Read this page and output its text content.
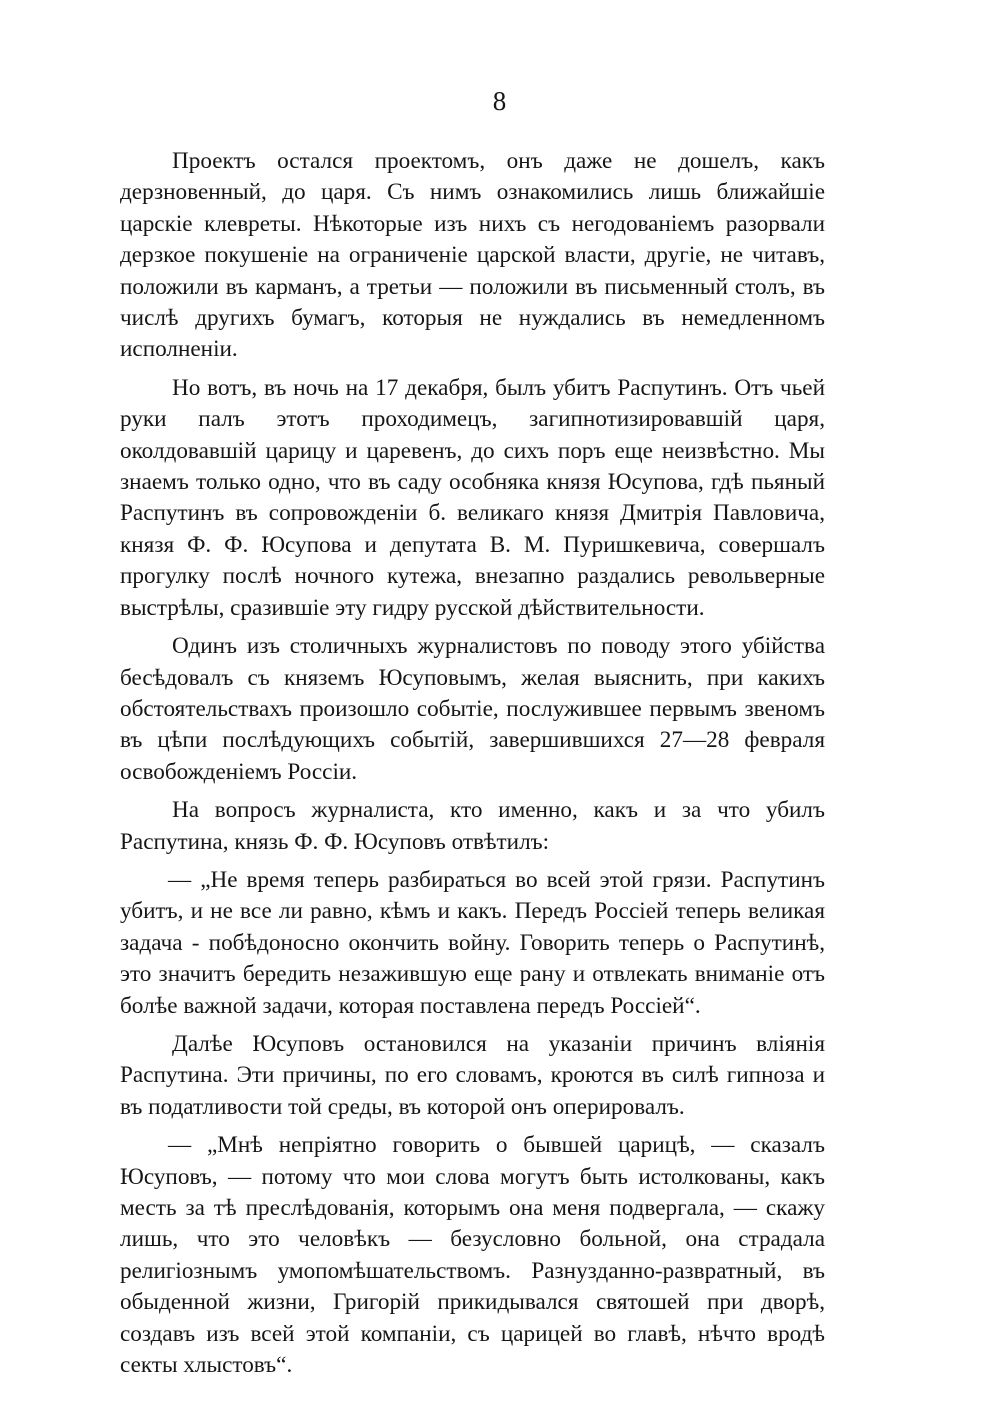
8

Проектъ остался проектомъ, онъ даже не дошелъ, какъ дерзновенный, до царя. Съ нимъ ознакомились лишь ближайшіе царскіе клевреты. Нѣкоторые изъ нихъ съ негодованіемъ разорвали дерзкое покушеніе на ограниченіе царской власти, другіе, не читавъ, положили въ карманъ, а третьи — положили въ письменный столъ, въ числѣ другихъ бумагъ, которыя не нуждались въ немедленномъ исполненіи.

Но вотъ, въ ночь на 17 декабря, былъ убитъ Распутинъ. Отъ чьей руки палъ этотъ проходимецъ, загипнотизировавшій царя, околдовавшій царицу и царевенъ, до сихъ поръ еще неизвѣстно. Мы знаемъ только одно, что въ саду особняка князя Юсупова, гдѣ пьяный Распутинъ въ сопровожденіи б. великаго князя Дмитрія Павловича, князя Ф. Ф. Юсупова и депутата В. М. Пуришкевича, совершалъ прогулку послѣ ночного кутежа, внезапно раздались револьверные выстрѣлы, сразившіе эту гидру русской дѣйствительности.

Одинъ изъ столичныхъ журналистовъ по поводу этого убійства бесѣдовалъ съ княземъ Юсуповымъ, желая выяснить, при какихъ обстоятельствахъ произошло событіе, послужившее первымъ звеномъ въ цѣпи послѣдующихъ событій, завершившихся 27—28 февраля освобожденіемъ Россіи.

На вопросъ журналиста, кто именно, какъ и за что убилъ Распутина, князь Ф. Ф. Юсуповъ отвѣтилъ:

— „Не время теперь разбираться во всей этой грязи. Распутинъ убитъ, и не все ли равно, кѣмъ и какъ. Передъ Россіей теперь великая задача - побѣдоносно окончить войну. Говорить теперь о Распутинѣ, это значитъ бередить незажившую еще рану и отвлекать вниманіе отъ болѣе важной задачи, которая поставлена передъ Россіей“.

Далѣе Юсуповъ остановился на указаніи причинъ вліянія Распутина. Эти причины, по его словамъ, кроются въ силѣ гипноза и въ податливости той среды, въ которой онъ оперировалъ.

— „Мнѣ непріятно говорить о бывшей царицѣ, — сказалъ Юсуповъ, — потому что мои слова могутъ быть истолкованы, какъ месть за тѣ преслѣдованія, которымъ она меня подвергала, — скажу лишь, что это человѣкъ — безусловно больной, она страдала религіознымъ умопомѣшательствомъ. Разнузданно-развратный, въ обыденной жизни, Григорій прикидывался святошей при дворѣ, создавъ изъ всей этой компаніи, съ царицей во главѣ, нѣчто вродѣ секты хлыстовъ“.
